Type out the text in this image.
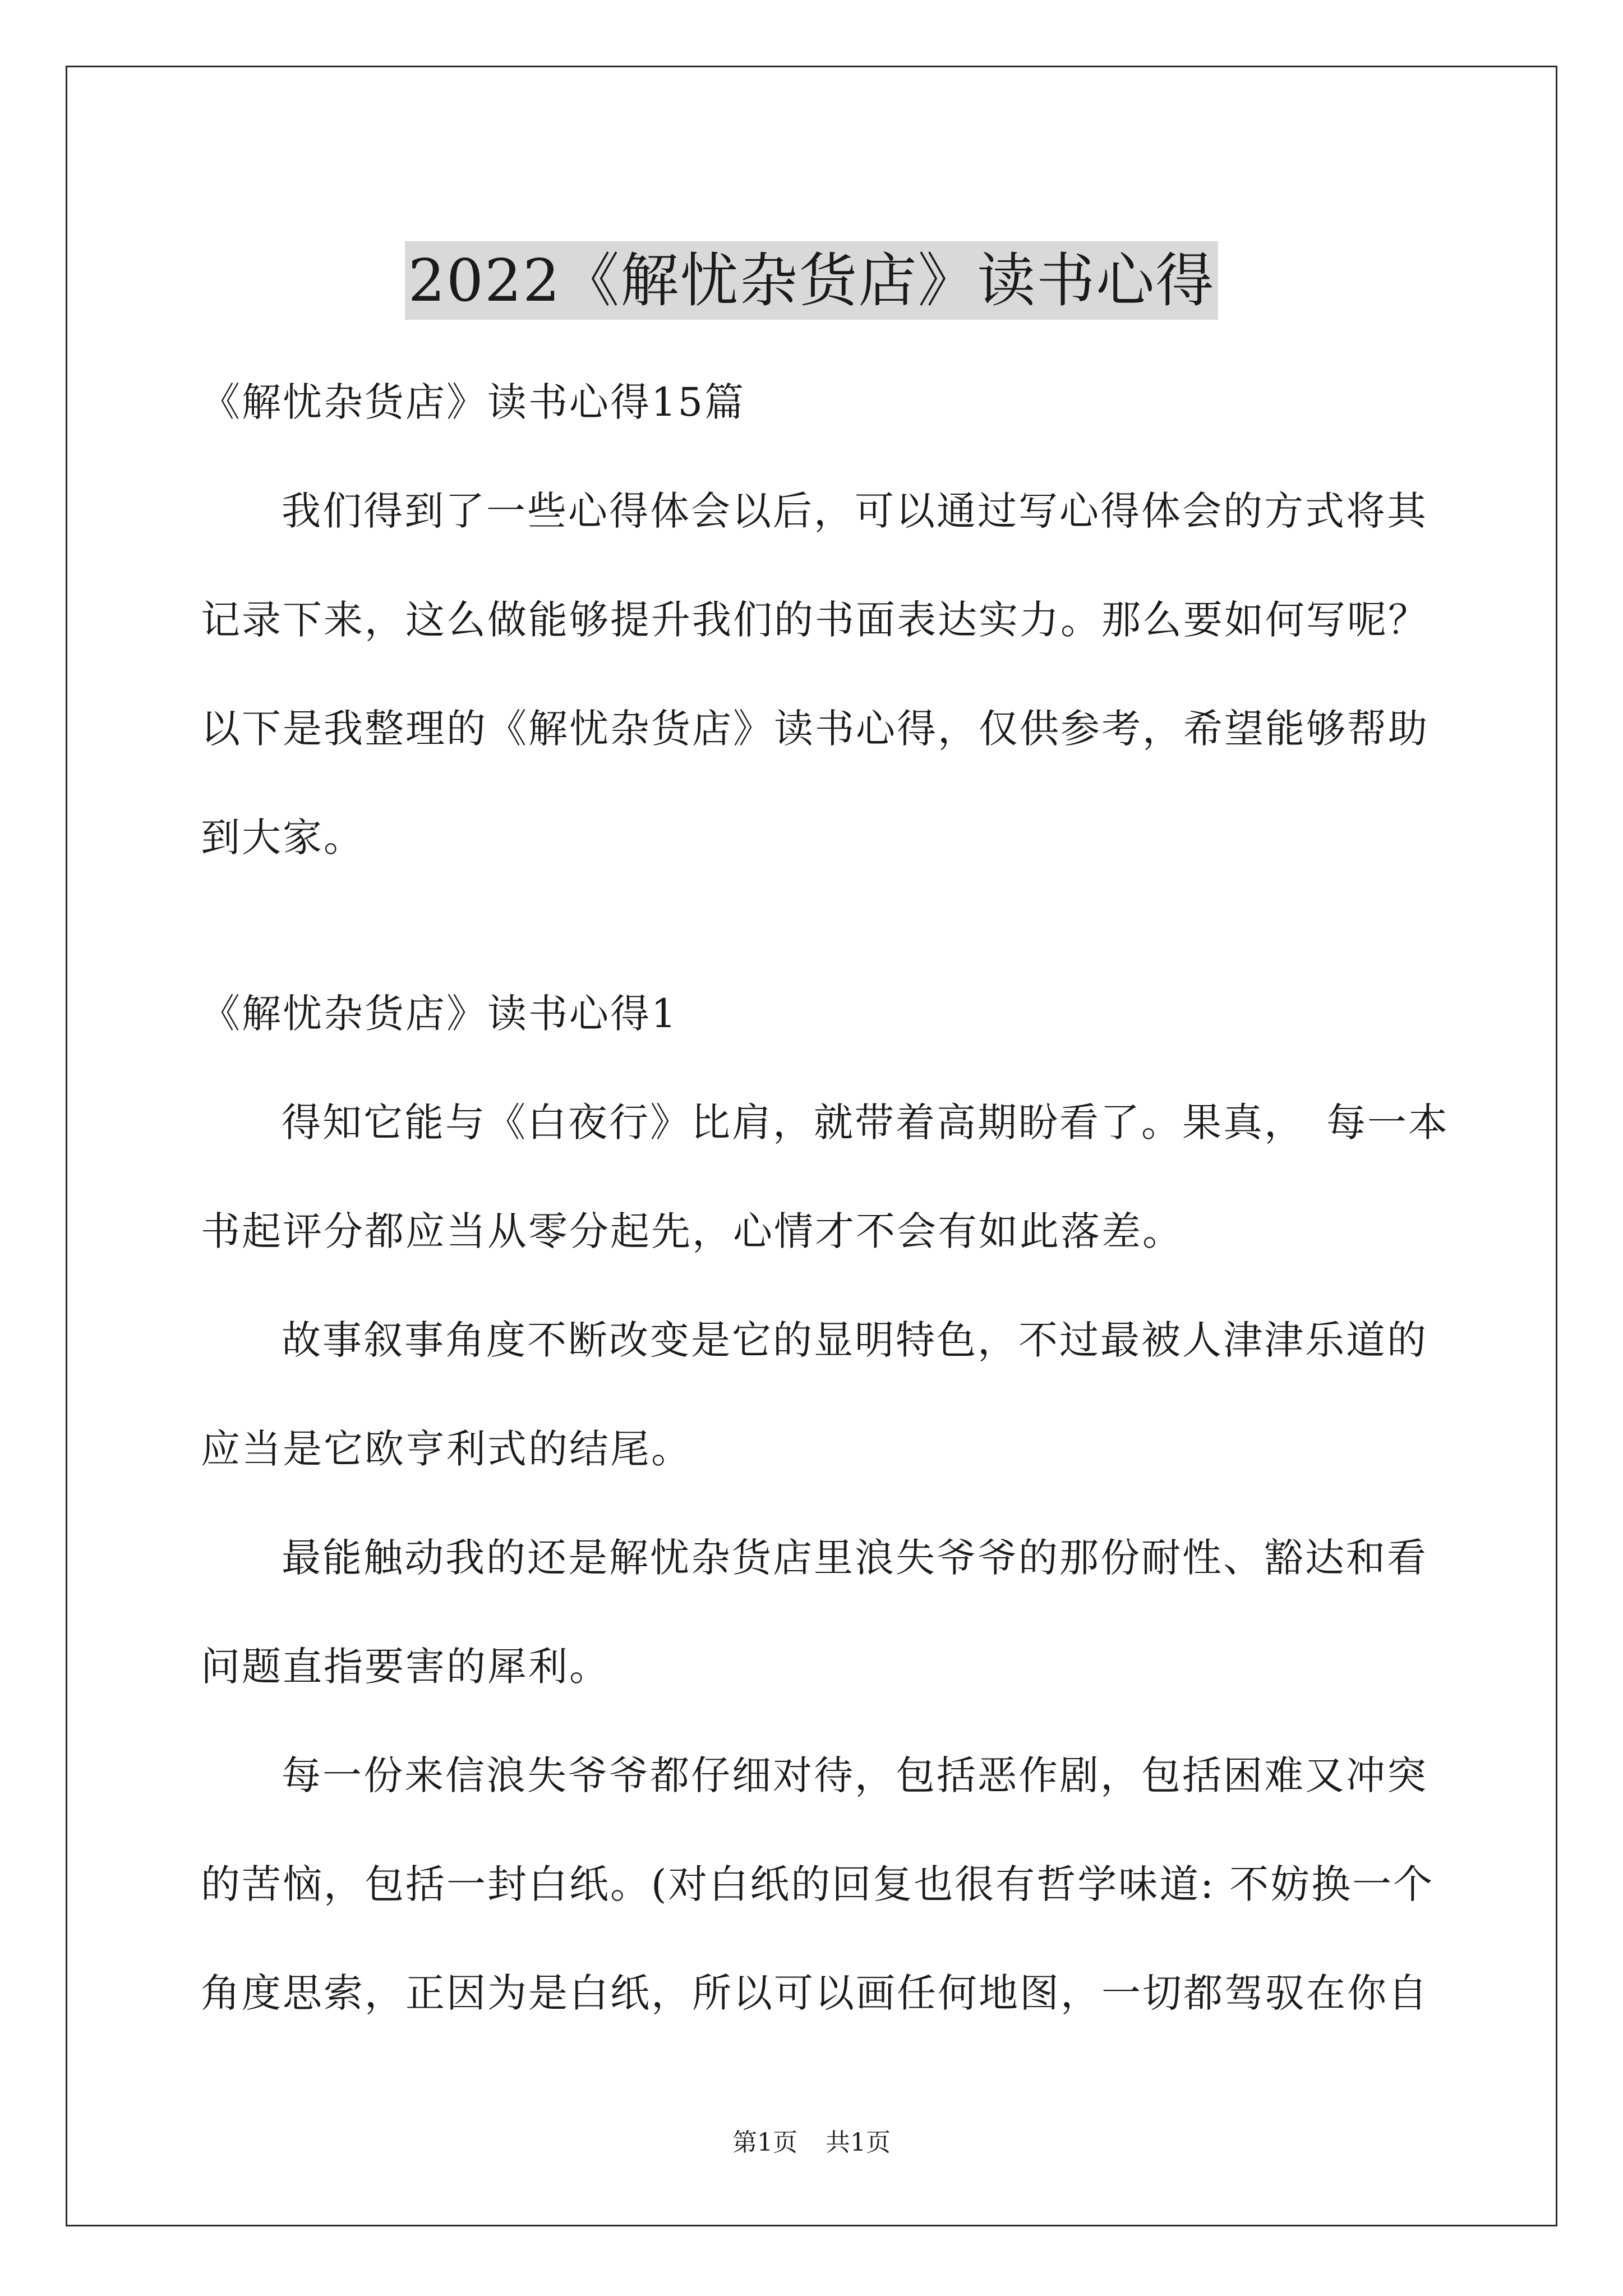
2022《解忧杂货店》读书心得
《解忧杂货店》读书心得15篇
我们得到了一些心得体会以后，可以通过写心得体会的方式将其
记录下来，这么做能够提升我们的书面表达实力。那么要如何写呢？
以下是我整理的《解忧杂货店》读书心得，仅供参考，希望能够帮助
到大家。
《解忧杂货店》读书心得1
得知它能与《白夜行》比肩，就带着高期盼看了。果真，　每一本
书起评分都应当从零分起先，心情才不会有如此落差。
故事叙事角度不断改变是它的显明特色，不过最被人津津乐道的
应当是它欧亨利式的结尾。
最能触动我的还是解忧杂货店里浪失爷爷的那份耐性、豁达和看
问题直指要害的犀利。
每一份来信浪失爷爷都仔细对待，包括恶作剧，包括困难又冲突
的苦恼，包括一封白纸。(对白纸的回复也很有哲学味道: 不妨换一个
角度思索，正因为是白纸，所以可以画任何地图，一切都驾驭在你自
第1页 共1页
